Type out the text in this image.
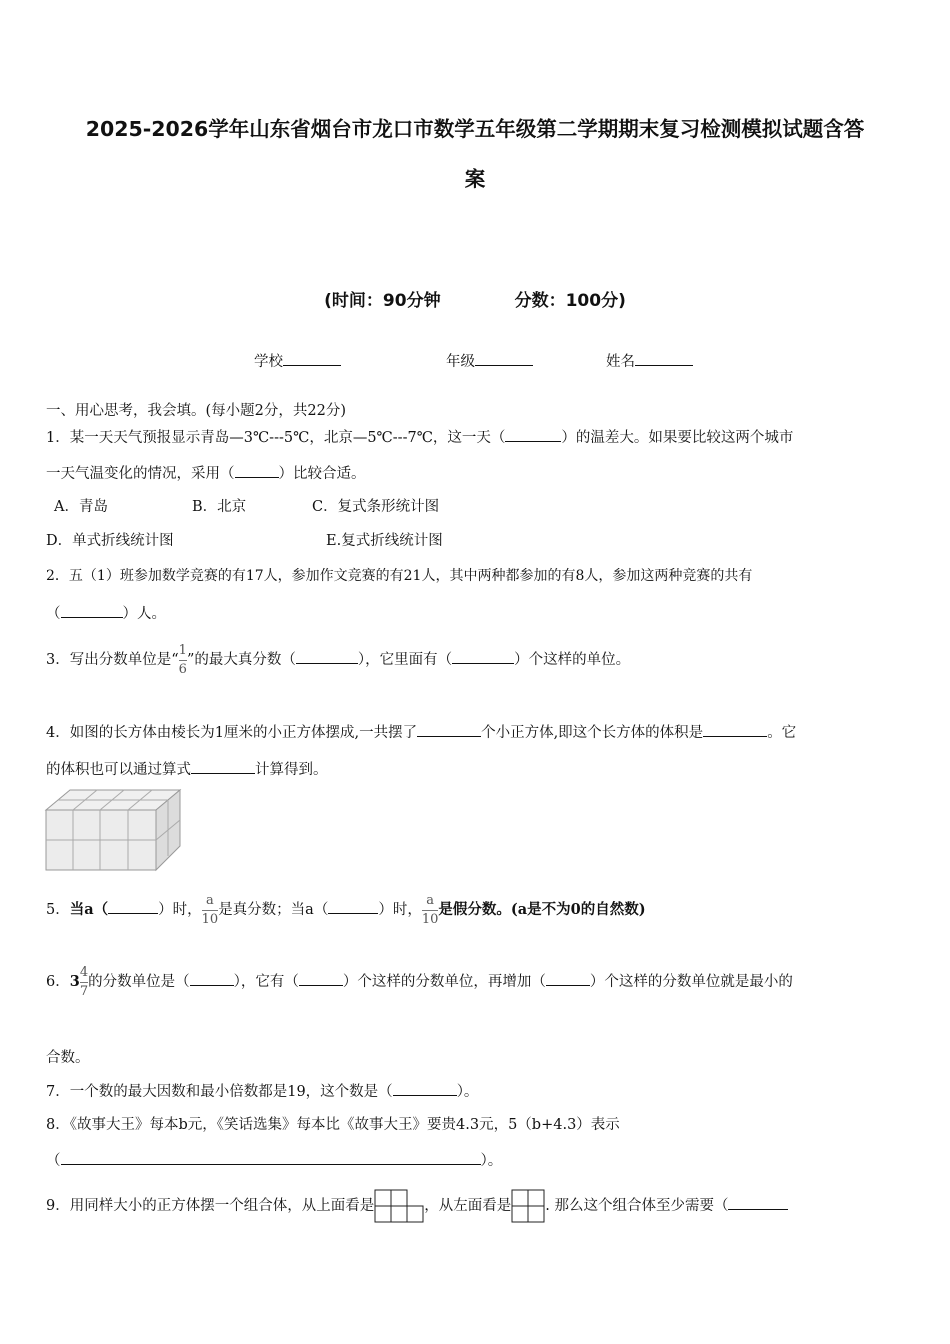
2025-2026学年山东省烟台市龙口市数学五年级第二学期期末复习检测模拟试题含答
案
(时间：90分钟	分数：100分)
学校	年级	姓名
一、用心思考，我会填。(每小题2分，共22分)
1．某一天天气预报显示青岛—3℃---5℃，北京—5℃---7℃，这一天（	）的温差大。如果要比较这两个城市
一天气温变化的情况，采用（	）比较合适。
A．青岛	B．北京	C．复式条形统计图
D．单式折线统计图	E.复式折线统计图
2．五（1）班参加数学竞赛的有17人，参加作文竞赛的有21人，其中两种都参加的有8人，参加这两种竞赛的共有
（	）人。
3．写出分数单位是“ $\frac{1}{6}$ ”的最大真分数（	），它里面有（	）个这样的单位。
4．如图的长方体由棱长为1厘米的小正方体摆成,一共摆了	个小正方体,即这个长方体的体积是	。它
的体积也可以通过算式	计算得到。
5．当a（	）时， $\frac{a}{10}$ 是真分数；当a（	）时， $\frac{a}{10}$ 是假分数。(a是不为0的自然数)
6．$3 \frac{4}{7}$ 的分数单位是（	），它有（	）个这样的分数单位，再增加（	）个这样的分数单位就是最小的
合数。
7．一个数的最大因数和最小倍数都是19，这个数是（	）。
8．《故事大王》每本b元，《笑话选集》每本比《故事大王》要贵4.3元，5（b+4.3）表示
（	）。
9．用同样大小的正方体摆一个组合体，从上面看是	，从左面看是 . 那么这个组合体至少需要（
